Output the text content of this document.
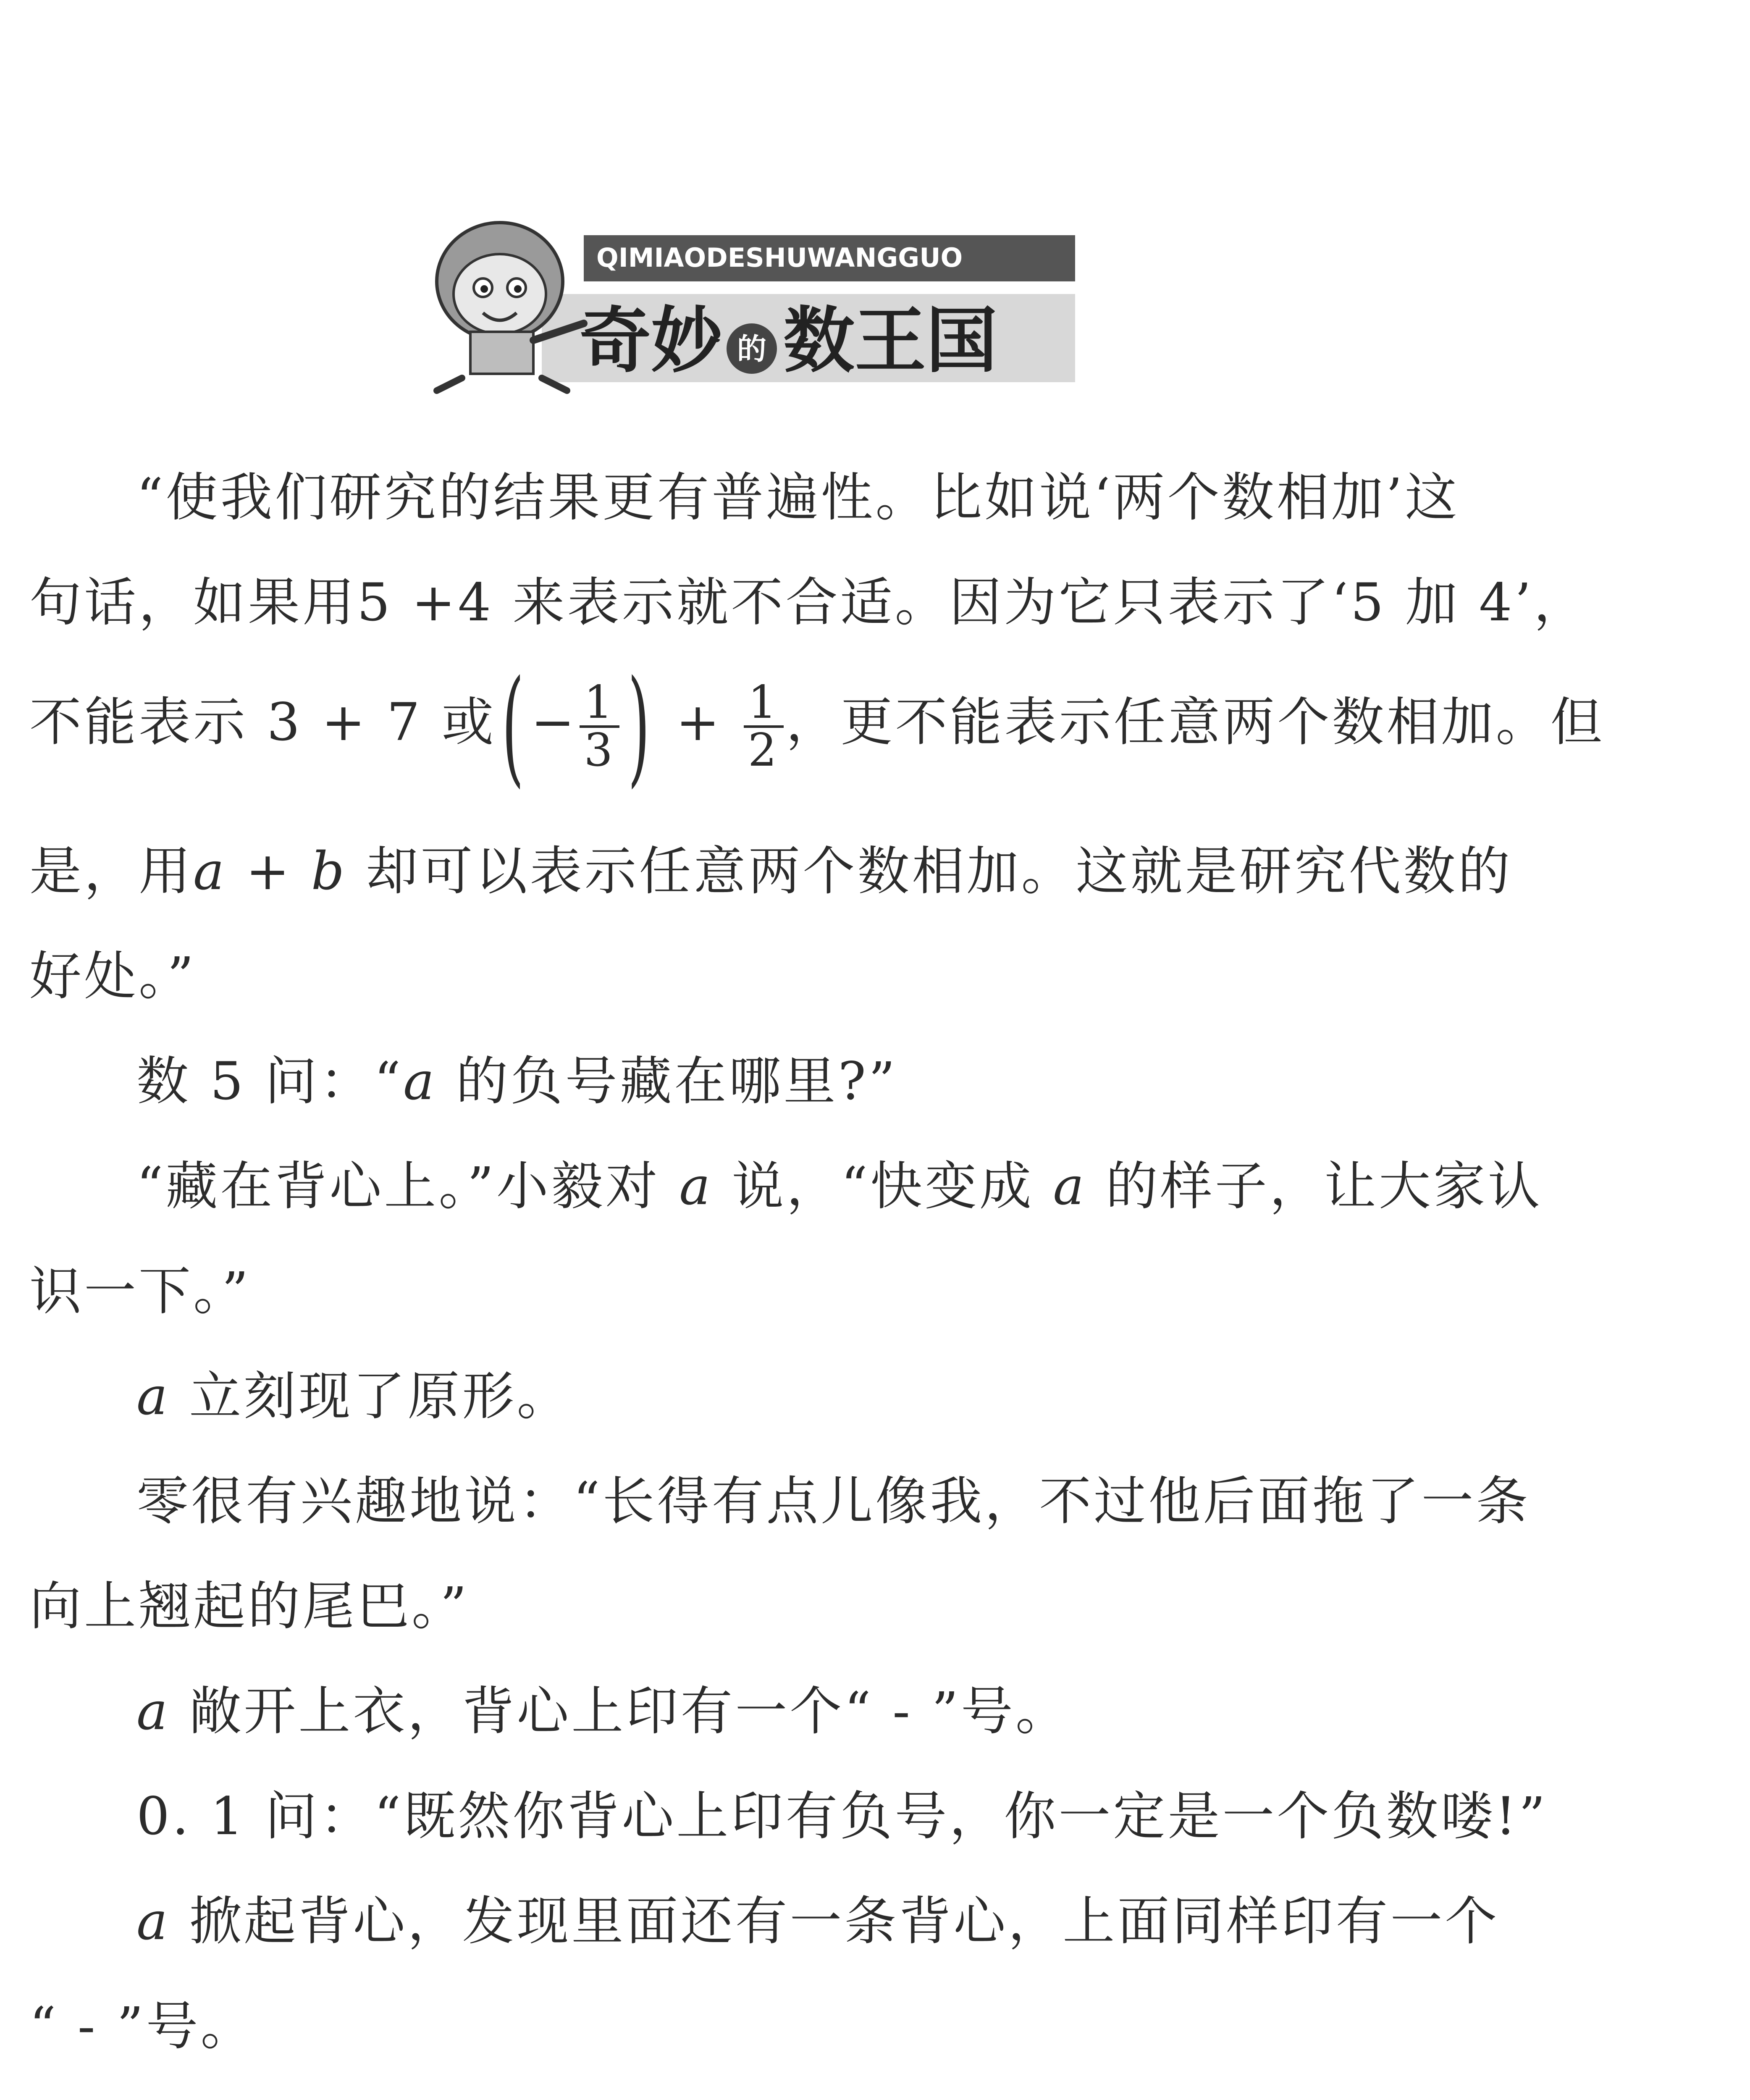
QIMIAODESHUWANGGUO
奇妙 的 数王国
“使我们研究的结果更有普遍性。比如说‘两个数相加’这
句话，如果用5 +4 来表示就不合适。因为它只表示了‘5 加 4’，
不能表示 3 + 7 或( − $\frac{1}{3}$ ) + $\frac{1}{2}$ ，更不能表示任意两个数相加。但
是，用a + b 却可以表示任意两个数相加。这就是研究代数的
好处。”
数 5 问：“a 的负号藏在哪里?”
“藏在背心上。”小毅对 a 说，“快变成 a 的样子，让大家认
识一下。”
a 立刻现了原形。
零很有兴趣地说：“长得有点儿像我，不过他后面拖了一条
向上翘起的尾巴。”
a 敞开上衣，背心上印有一个“ - ”号。
0. 1 问：“既然你背心上印有负号，你一定是一个负数喽!”
a 掀起背心，发现里面还有一条背心，上面同样印有一个
“ - ”号。
